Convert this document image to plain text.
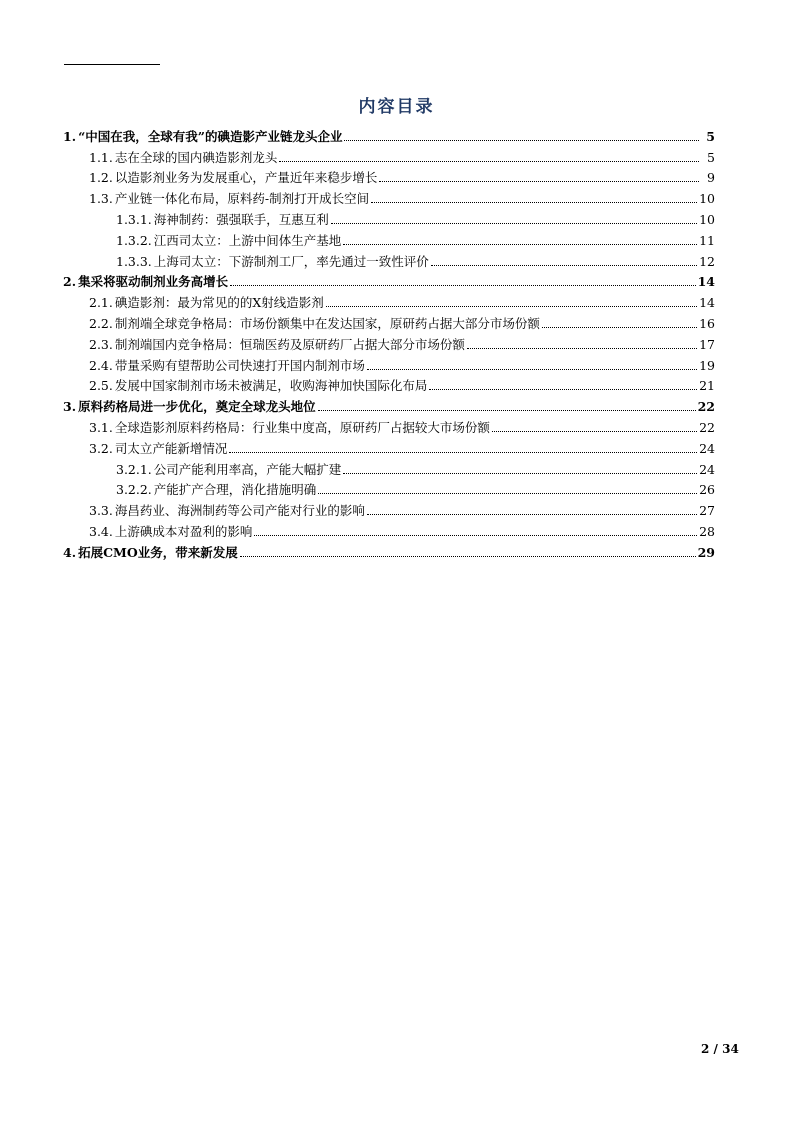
内容目录
1. “中国在我，全球有我”的碘造影产业链龙头企业	5
1.1. 志在全球的国内碘造影剂龙头	5
1.2. 以造影剂业务为发展重心，产量近年来稳步增长	9
1.3. 产业链一体化布局，原料药-制剂打开成长空间	10
1.3.1. 海神制药：强强联手，互惠互利	10
1.3.2. 江西司太立：上游中间体生产基地	11
1.3.3. 上海司太立：下游制剂工厂，率先通过一致性评价	12
2. 集采将驱动制剂业务高增长	14
2.1. 碘造影剂：最为常见的的X射线造影剂	14
2.2. 制剂端全球竞争格局：市场份额集中在发达国家，原研药占据大部分市场份额	16
2.3. 制剂端国内竞争格局：恒瑞医药及原研药厂占据大部分市场份额	17
2.4. 带量采购有望帮助公司快速打开国内制剂市场	19
2.5. 发展中国家制剂市场未被满足，收购海神加快国际化布局	21
3. 原料药格局进一步优化，奠定全球龙头地位	22
3.1. 全球造影剂原料药格局：行业集中度高，原研药厂占据较大市场份额	22
3.2. 司太立产能新增情况	24
3.2.1. 公司产能利用率高，产能大幅扩建	24
3.2.2. 产能扩产合理，消化措施明确	26
3.3. 海昌药业、海洲制药等公司产能对行业的影响	27
3.4. 上游碘成本对盈利的影响	28
4. 拓展CMO业务，带来新发展	29
2 / 34
